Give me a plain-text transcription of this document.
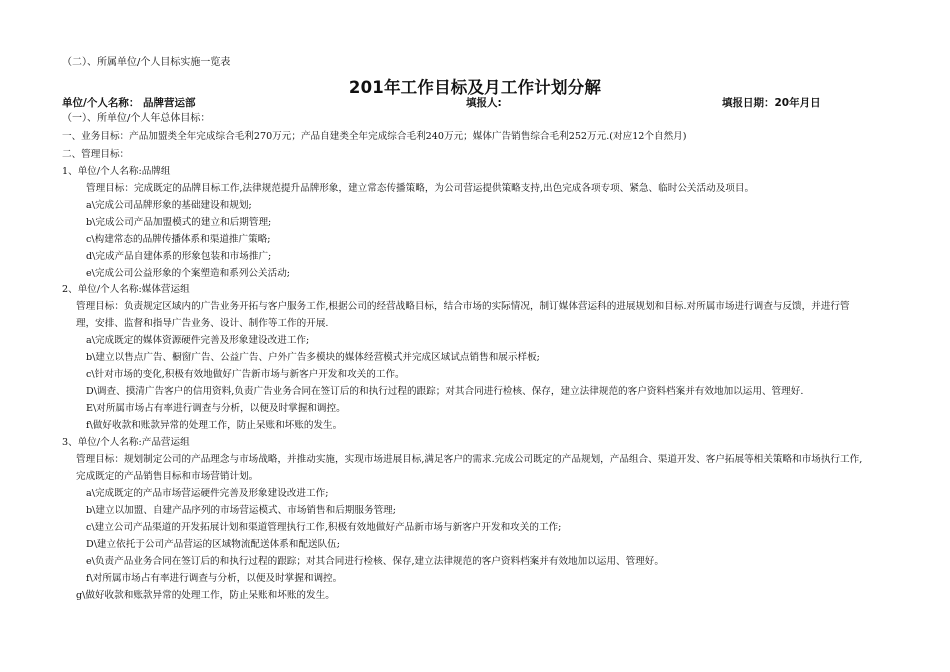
（二）、所属单位/个人目标实施一览表
201年工作目标及月工作计划分解
单位/个人名称： 品牌营运部	填报人:	填报日期：20年月日
（一）、所单位/个人年总体目标：
一、业务目标：产品加盟类全年完成综合毛利270万元；产品自建类全年完成综合毛利240万元；媒体广告销售综合毛利252万元.(对应12个自然月)
二、管理目标：
1、单位/个人名称:品牌组
管理目标：完成既定的品牌目标工作,法律规范提升品牌形象，建立常态传播策略，为公司营运提供策略支持,出色完成各项专项、紧急、临时公关活动及项目。
a\完成公司品牌形象的基础建设和规划;
b\完成公司产品加盟模式的建立和后期管理;
c\构建常态的品牌传播体系和渠道推广策略;
d\完成产品自建体系的形象包装和市场推广;
e\完成公司公益形象的个案塑造和系列公关活动;
2、单位/个人名称:媒体营运组
管理目标：负责规定区域内的广告业务开拓与客户服务工作,根据公司的经营战略目标，结合市场的实际情况，制订媒体营运科的进展规划和目标.对所属市场进行调查与反馈，并进行管
理，安排、监督和指导广告业务、设计、制作等工作的开展.
a\完成既定的媒体资源硬件完善及形象建设改进工作;
b\建立以售点广告、橱窗广告、公益广告、户外广告多模块的媒体经营模式并完成区域试点销售和展示样板;
c\针对市场的变化,积极有效地做好广告新市场与新客户开发和攻关的工作。
D\调查、摸清广告客户的信用资料,负责广告业务合同在签订后的和执行过程的跟踪；对其合同进行检核、保存，建立法律规范的客户资料档案并有效地加以运用、管理好.
E\对所属市场占有率进行调查与分析，以便及时掌握和调控。
f\做好收款和账款异常的处理工作，防止呆账和坏账的发生。
3、单位/个人名称:产品营运组
管理目标：规划制定公司的产品理念与市场战略，并推动实施，实现市场进展目标,满足客户的需求.完成公司既定的产品规划，产品组合、渠道开发、客户拓展等相关策略和市场执行工作,
完成既定的产品销售目标和市场营销计划。
a\完成既定的产品市场营运硬件完善及形象建设改进工作;
b\建立以加盟、自建产品序列的市场营运模式、市场销售和后期服务管理;
c\建立公司产品渠道的开发拓展计划和渠道管理执行工作,积极有效地做好产品新市场与新客户开发和攻关的工作;
D\建立依托于公司产品营运的区域物流配送体系和配送队伍;
e\负责产品业务合同在签订后的和执行过程的跟踪；对其合同进行检核、保存,建立法律规范的客户资料档案并有效地加以运用、管理好。
f\对所属市场占有率进行调查与分析，以便及时掌握和调控。
g\做好收款和账款异常的处理工作，防止呆账和坏账的发生。
